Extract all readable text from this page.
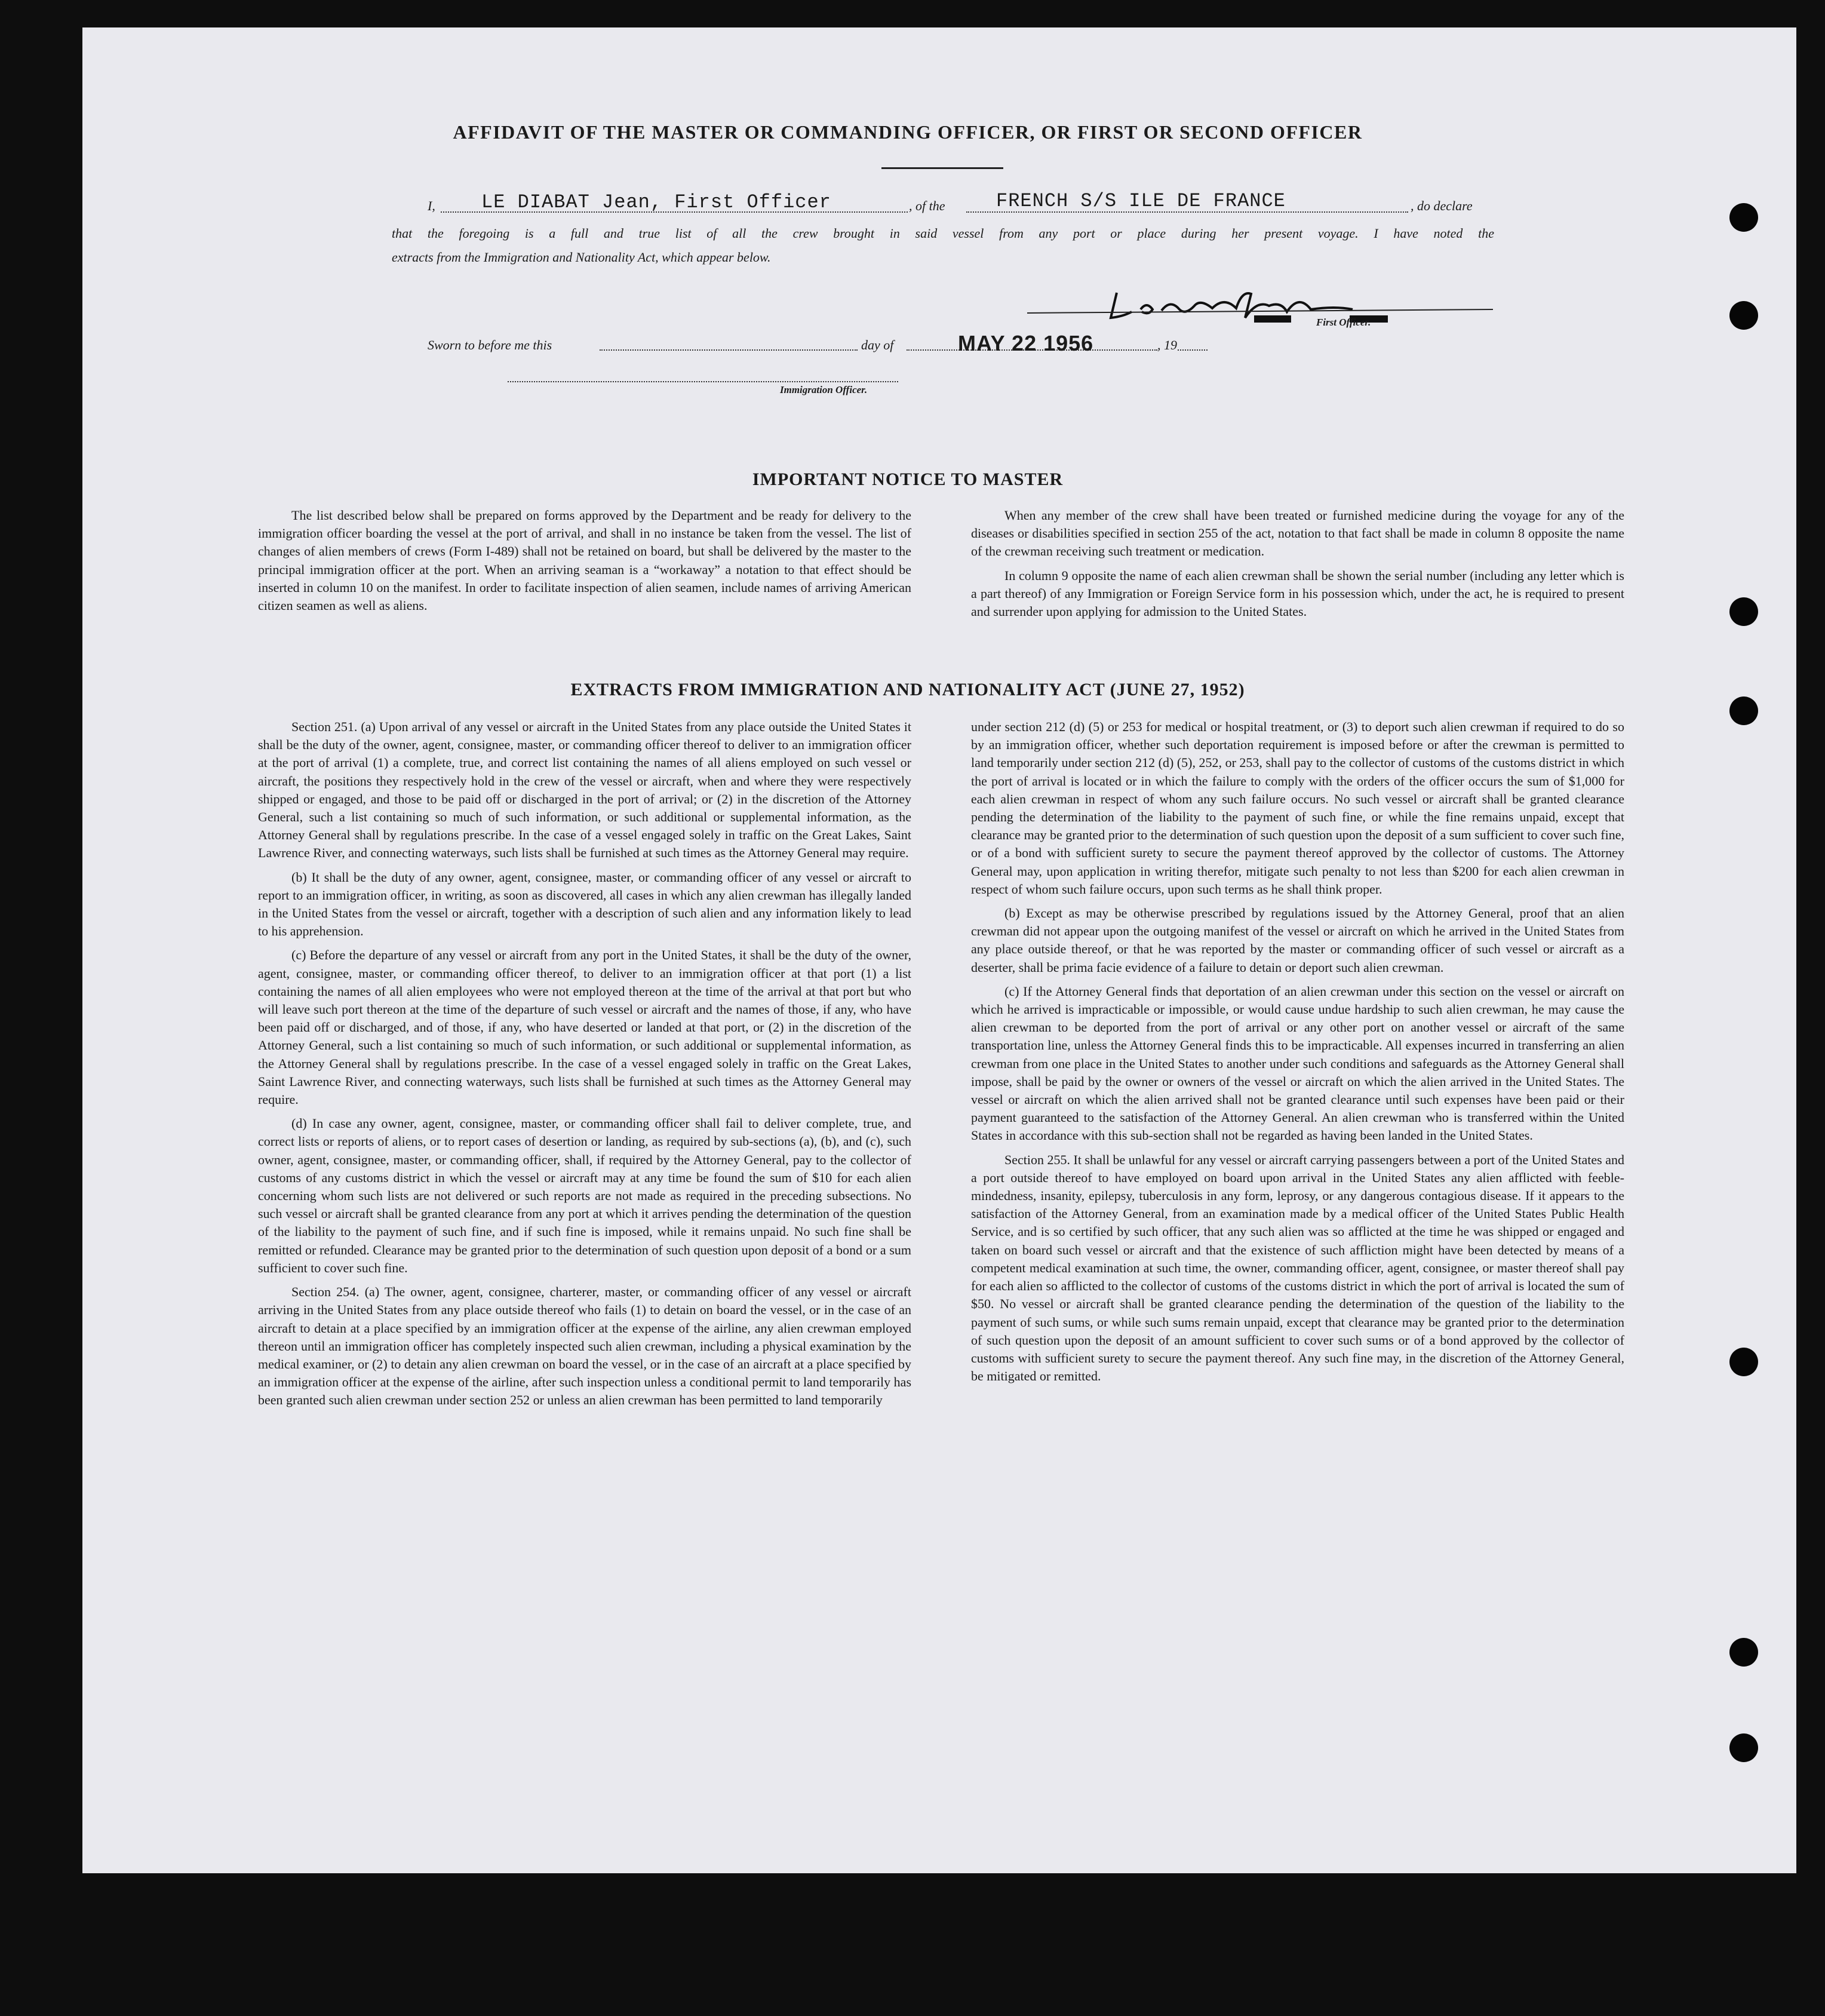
AFFIDAVIT OF THE MASTER OR COMMANDING OFFICER, OR FIRST OR SECOND OFFICER
I, LE DIABAT Jean, First Officer	, of the	FRENCH S/S ILE DE FRANCE	, do declare
that the foregoing is a full and true list of all the crew brought in said vessel from any port or place during her present voyage. I have noted the
extracts from the Immigration and Nationality Act, which appear below.
First Officer.
Sworn to before me this	day of	MAY 22 1956	, 19
Immigration Officer.
IMPORTANT NOTICE TO MASTER

The list described below shall be prepared on forms approved by the Department and be ready for delivery to the immigration officer boarding the vessel at the port of arrival, and shall in no instance be taken from the vessel. The list of changes of alien members of crews (Form I-489) shall not be retained on board, but shall be delivered by the master to the principal immigration officer at the port. When an arriving seaman is a “workaway” a notation to that effect should be inserted in column 10 on the manifest. In order to facilitate inspection of alien seamen, include names of arriving American citizen seamen as well as aliens.

When any member of the crew shall have been treated or furnished medicine during the voyage for any of the diseases or disabilities specified in section 255 of the act, notation to that fact shall be made in column 8 opposite the name of the crewman receiving such treatment or medication.

In column 9 opposite the name of each alien crewman shall be shown the serial number (including any letter which is a part thereof) of any Immigration or Foreign Service form in his possession which, under the act, he is required to present and surrender upon applying for admission to the United States.

EXTRACTS FROM IMMIGRATION AND NATIONALITY ACT (JUNE 27, 1952)

Section 251. (a) Upon arrival of any vessel or aircraft in the United States from any place outside the United States it shall be the duty of the owner, agent, consignee, master, or commanding officer thereof to deliver to an immigration officer at the port of arrival (1) a complete, true, and correct list containing the names of all aliens employed on such vessel or aircraft, the positions they respectively hold in the crew of the vessel or aircraft, when and where they were respectively shipped or engaged, and those to be paid off or discharged in the port of arrival; or (2) in the discretion of the Attorney General, such a list containing so much of such information, or such additional or supplemental information, as the Attorney General shall by regulations prescribe. In the case of a vessel engaged solely in traffic on the Great Lakes, Saint Lawrence River, and connecting waterways, such lists shall be furnished at such times as the Attorney General may require.

(b) It shall be the duty of any owner, agent, consignee, master, or commanding officer of any vessel or aircraft to report to an immigration officer, in writing, as soon as discovered, all cases in which any alien crewman has illegally landed in the United States from the vessel or aircraft, together with a description of such alien and any information likely to lead to his apprehension.

(c) Before the departure of any vessel or aircraft from any port in the United States, it shall be the duty of the owner, agent, consignee, master, or commanding officer thereof, to deliver to an immigration officer at that port (1) a list containing the names of all alien employees who were not employed thereon at the time of the arrival at that port but who will leave such port thereon at the time of the departure of such vessel or aircraft and the names of those, if any, who have been paid off or discharged, and of those, if any, who have deserted or landed at that port, or (2) in the discretion of the Attorney General, such a list containing so much of such information, or such additional or supplemental information, as the Attorney General shall by regulations prescribe. In the case of a vessel engaged solely in traffic on the Great Lakes, Saint Lawrence River, and connecting waterways, such lists shall be furnished at such times as the Attorney General may require.

(d) In case any owner, agent, consignee, master, or commanding officer shall fail to deliver complete, true, and correct lists or reports of aliens, or to report cases of desertion or landing, as required by sub-sections (a), (b), and (c), such owner, agent, consignee, master, or commanding officer, shall, if required by the Attorney General, pay to the collector of customs of any customs district in which the vessel or aircraft may at any time be found the sum of $10 for each alien concerning whom such lists are not delivered or such reports are not made as required in the preceding subsections. No such vessel or aircraft shall be granted clearance from any port at which it arrives pending the determination of the question of the liability to the payment of such fine, and if such fine is imposed, while it remains unpaid. No such fine shall be remitted or refunded. Clearance may be granted prior to the determination of such question upon deposit of a bond or a sum sufficient to cover such fine.

Section 254. (a) The owner, agent, consignee, charterer, master, or commanding officer of any vessel or aircraft arriving in the United States from any place outside thereof who fails (1) to detain on board the vessel, or in the case of an aircraft to detain at a place specified by an immigration officer at the expense of the airline, any alien crewman employed thereon until an immigration officer has completely inspected such alien crewman, including a physical examination by the medical examiner, or (2) to detain any alien crewman on board the vessel, or in the case of an aircraft at a place specified by an immigration officer at the expense of the airline, after such inspection unless a conditional permit to land temporarily has been granted such alien crewman under section 252 or unless an alien crewman has been permitted to land temporarily

under section 212 (d) (5) or 253 for medical or hospital treatment, or (3) to deport such alien crewman if required to do so by an immigration officer, whether such deportation requirement is imposed before or after the crewman is permitted to land temporarily under section 212 (d) (5), 252, or 253, shall pay to the collector of customs of the customs district in which the port of arrival is located or in which the failure to comply with the orders of the officer occurs the sum of $1,000 for each alien crewman in respect of whom any such failure occurs. No such vessel or aircraft shall be granted clearance pending the determination of the liability to the payment of such fine, or while the fine remains unpaid, except that clearance may be granted prior to the determination of such question upon the deposit of a sum sufficient to cover such fine, or of a bond with sufficient surety to secure the payment thereof approved by the collector of customs. The Attorney General may, upon application in writing therefor, mitigate such penalty to not less than $200 for each alien crewman in respect of whom such failure occurs, upon such terms as he shall think proper.

(b) Except as may be otherwise prescribed by regulations issued by the Attorney General, proof that an alien crewman did not appear upon the outgoing manifest of the vessel or aircraft on which he arrived in the United States from any place outside thereof, or that he was reported by the master or commanding officer of such vessel or aircraft as a deserter, shall be prima facie evidence of a failure to detain or deport such alien crewman.

(c) If the Attorney General finds that deportation of an alien crewman under this section on the vessel or aircraft on which he arrived is impracticable or impossible, or would cause undue hardship to such alien crewman, he may cause the alien crewman to be deported from the port of arrival or any other port on another vessel or aircraft of the same transportation line, unless the Attorney General finds this to be impracticable. All expenses incurred in transferring an alien crewman from one place in the United States to another under such conditions and safeguards as the Attorney General shall impose, shall be paid by the owner or owners of the vessel or aircraft on which the alien arrived in the United States. The vessel or aircraft on which the alien arrived shall not be granted clearance until such expenses have been paid or their payment guaranteed to the satisfaction of the Attorney General. An alien crewman who is transferred within the United States in accordance with this sub-section shall not be regarded as having been landed in the United States.

Section 255. It shall be unlawful for any vessel or aircraft carrying passengers between a port of the United States and a port outside thereof to have employed on board upon arrival in the United States any alien afflicted with feeble-mindedness, insanity, epilepsy, tuberculosis in any form, leprosy, or any dangerous contagious disease. If it appears to the satisfaction of the Attorney General, from an examination made by a medical officer of the United States Public Health Service, and is so certified by such officer, that any such alien was so afflicted at the time he was shipped or engaged and taken on board such vessel or aircraft and that the existence of such affliction might have been detected by means of a competent medical examination at such time, the owner, commanding officer, agent, consignee, or master thereof shall pay for each alien so afflicted to the collector of customs of the customs district in which the port of arrival is located the sum of $50. No vessel or aircraft shall be granted clearance pending the determination of the question of the liability to the payment of such sums, or while such sums remain unpaid, except that clearance may be granted prior to the determination of such question upon the deposit of an amount sufficient to cover such sums or of a bond approved by the collector of customs with sufficient surety to secure the payment thereof. Any such fine may, in the discretion of the Attorney General, be mitigated or remitted.
